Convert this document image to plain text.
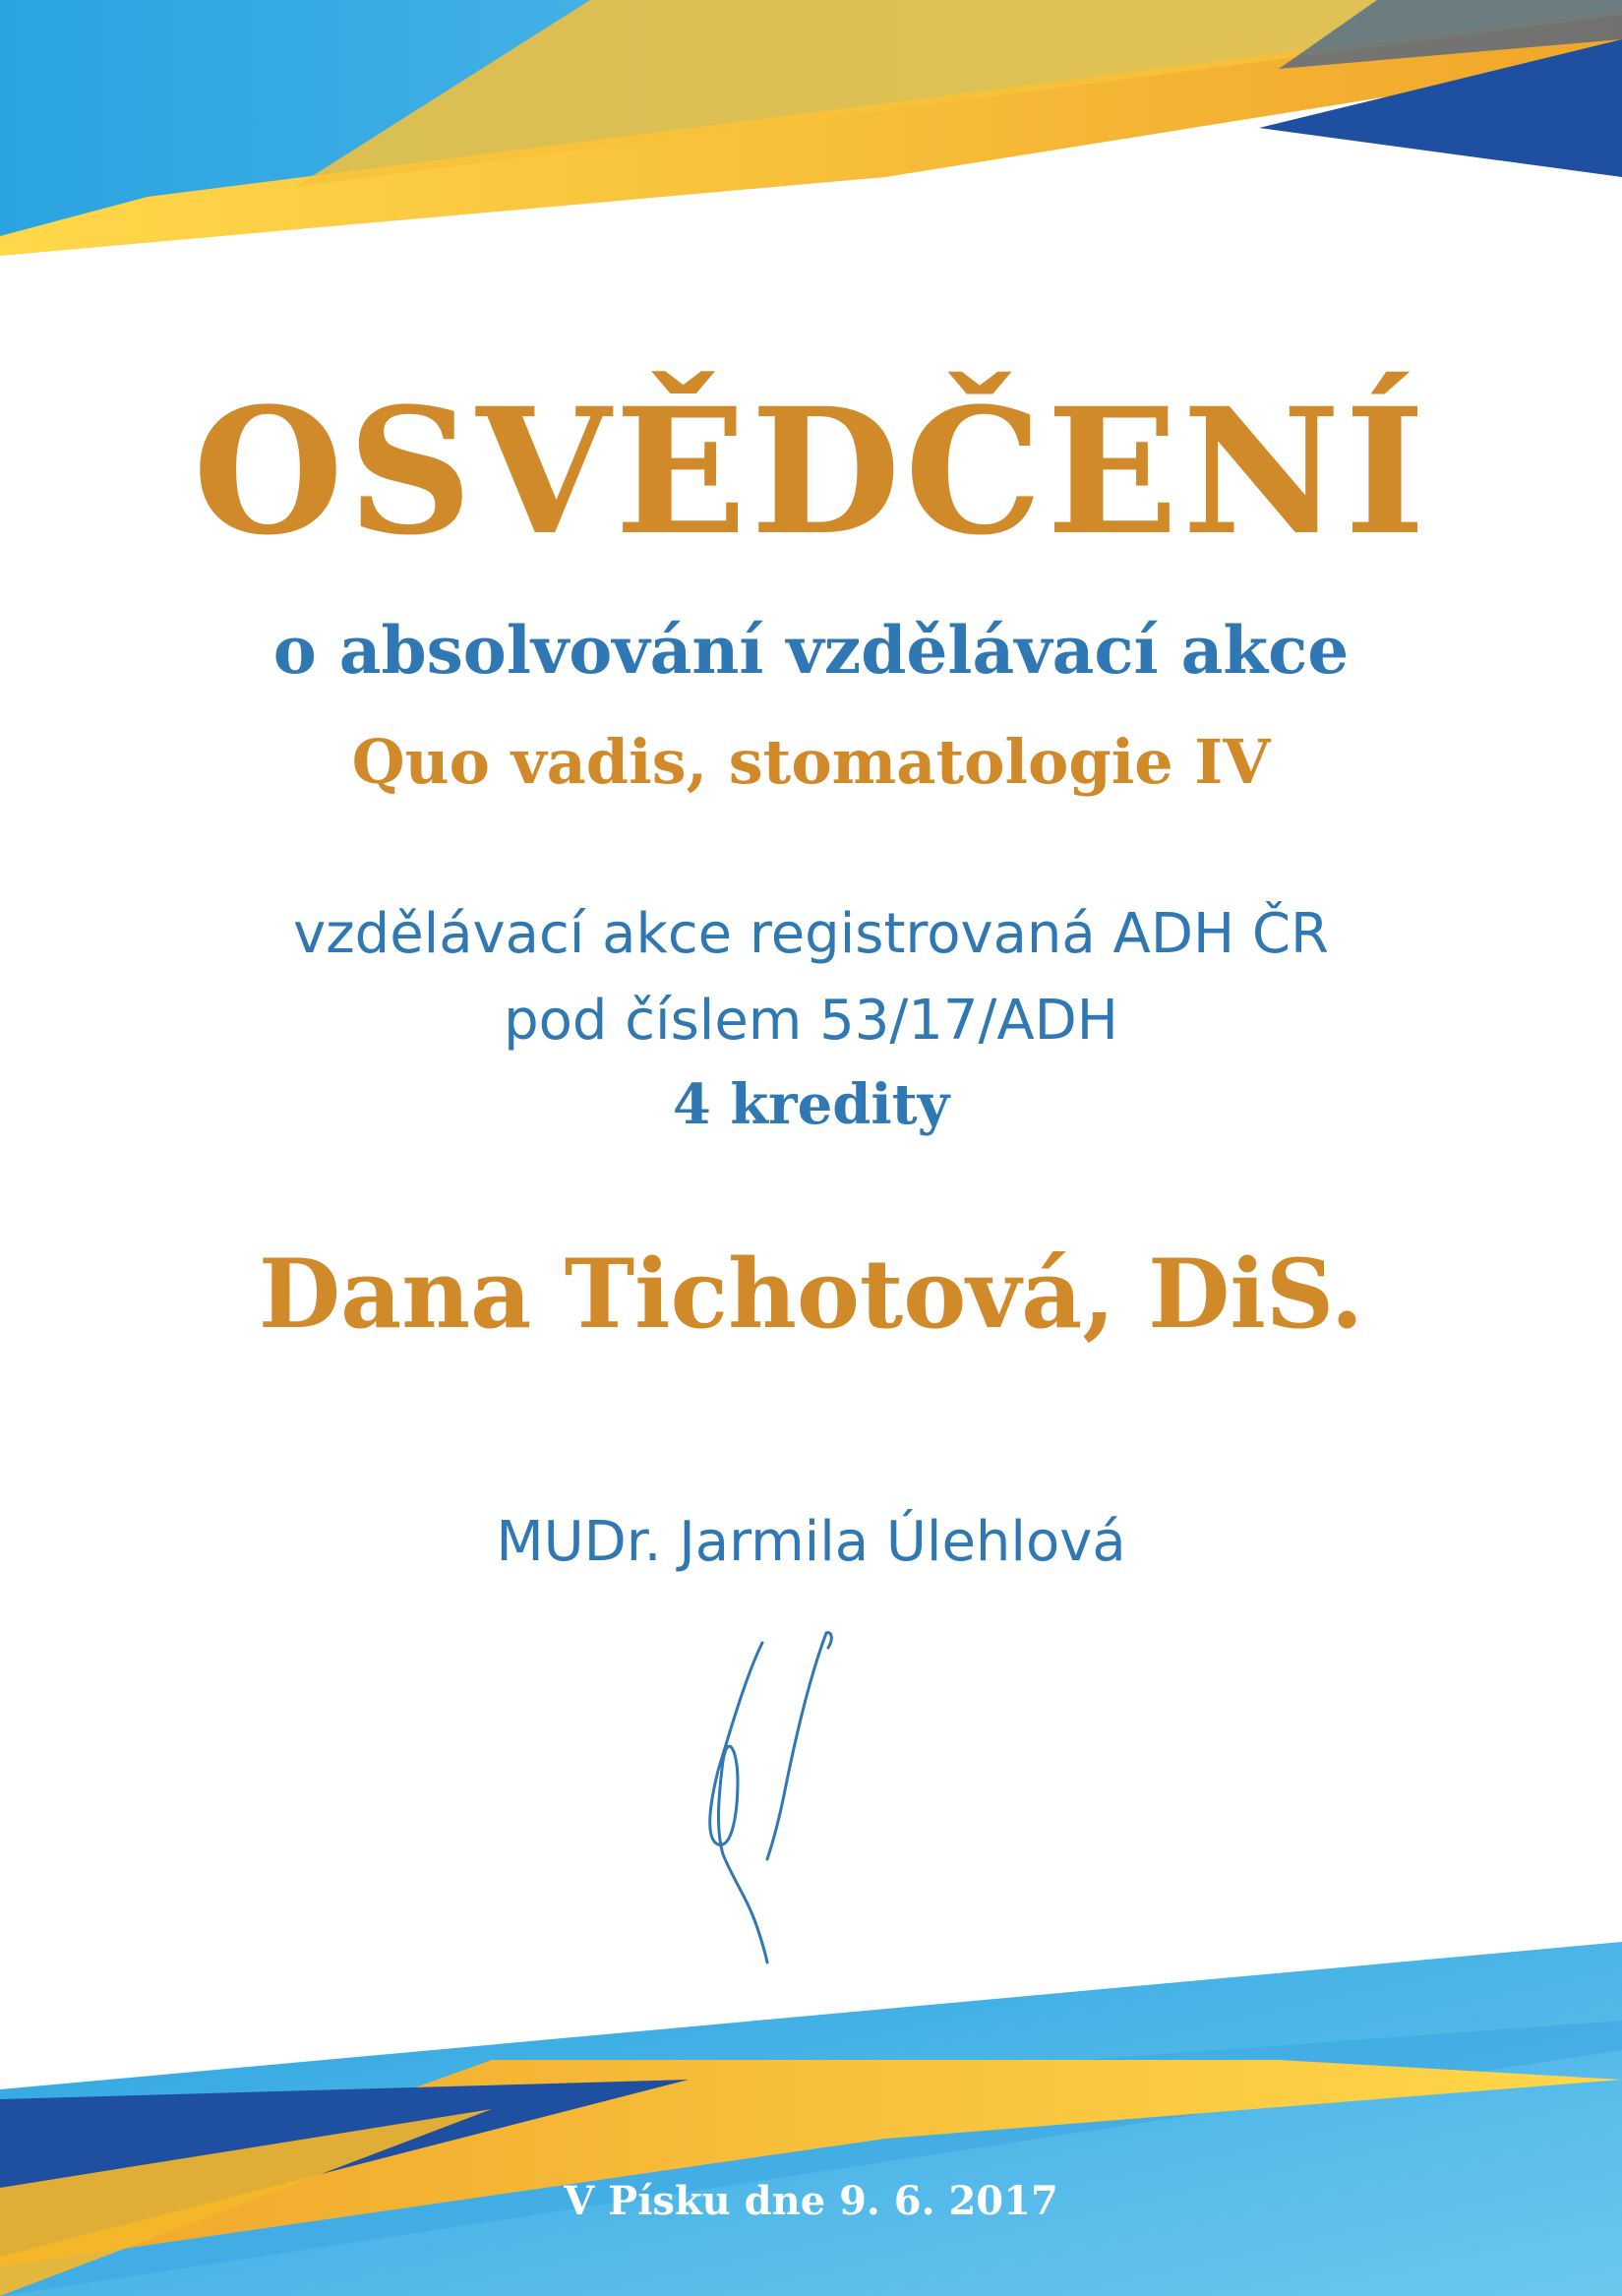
OSVĚDČENÍ

o absolvování vzdělávací akce

Quo vadis, stomatologie IV

vzdělávací akce registrovaná ADH ČR

pod číslem 53/17/ADH

4 kredity

Dana Tichotová, DiS.

MUDr. Jarmila Úlehlová

V Písku dne 9. 6. 2017
